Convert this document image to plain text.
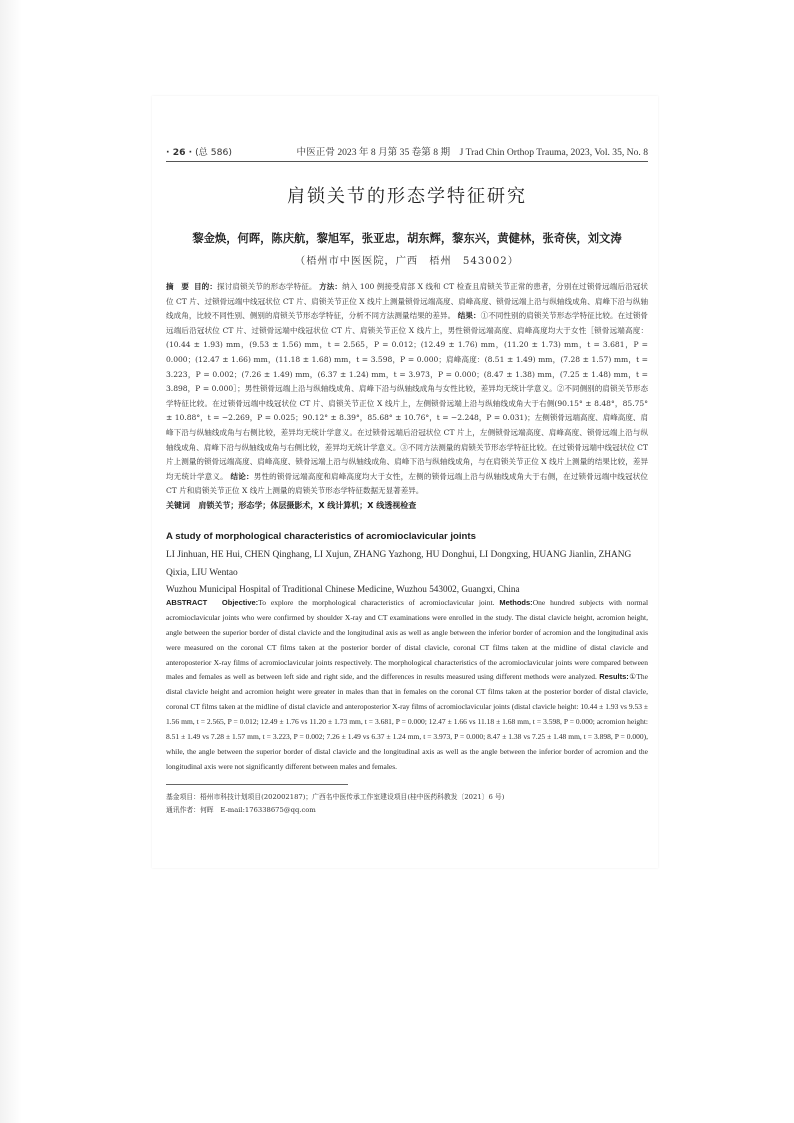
· 26 · (总 586)	中医正骨 2023 年 8 月第 35 卷第 8 期 J Trad Chin Orthop Trauma, 2023, Vol. 35, No. 8
肩锁关节的形态学特征研究
黎金焕，何晖，陈庆航，黎旭军，张亚忠，胡东辉，黎东兴，黄健林，张奇侠，刘文涛
（梧州市中医医院，广西　梧州　543002）
摘　要 目的：探讨肩锁关节的形态学特征。 方法：纳入 100 例接受肩部 X 线和 CT 检查且肩锁关节正常的患者，分别在过锁骨远端后沿冠状位 CT 片、过锁骨远端中线冠状位 CT 片、肩锁关节正位 X 线片上测量锁骨远端高度、肩峰高度、锁骨远端上沿与纵轴线成角、肩峰下沿与纵轴线成角，比较不同性别、侧别的肩锁关节形态学特征，分析不同方法测量结果的差异。 结果：①不同性别的肩锁关节形态学特征比较。在过锁骨远端后沿冠状位 CT 片、过锁骨远端中线冠状位 CT 片、肩锁关节正位 X 线片上，男性锁骨远端高度、肩峰高度均大于女性［锁骨远端高度：(10.44 ± 1.93) mm，(9.53 ± 1.56) mm，t = 2.565，P = 0.012；(12.49 ± 1.76) mm，(11.20 ± 1.73) mm，t = 3.681，P = 0.000；(12.47 ± 1.66) mm，(11.18 ± 1.68) mm，t = 3.598，P = 0.000；肩峰高度：(8.51 ± 1.49) mm，(7.28 ± 1.57) mm，t = 3.223，P = 0.002；(7.26 ± 1.49) mm，(6.37 ± 1.24) mm，t = 3.973，P = 0.000；(8.47 ± 1.38) mm，(7.25 ± 1.48) mm，t = 3.898，P = 0.000］；男性锁骨远端上沿与纵轴线成角、肩峰下沿与纵轴线成角与女性比较，差异均无统计学意义。②不同侧别的肩锁关节形态学特征比较。在过锁骨远端中线冠状位 CT 片、肩锁关节正位 X 线片上，左侧锁骨远端上沿与纵轴线成角大于右侧(90.15° ± 8.48°，85.75° ± 10.88°，t = −2.269，P = 0.025；90.12° ± 8.39°，85.68° ± 10.76°，t = −2.248，P = 0.031)；左侧锁骨远端高度、肩峰高度、肩峰下沿与纵轴线成角与右侧比较，差异均无统计学意义。在过锁骨远端后沿冠状位 CT 片上，左侧锁骨远端高度、肩峰高度、锁骨远端上沿与纵轴线成角、肩峰下沿与纵轴线成角与右侧比较，差异均无统计学意义。③不同方法测量的肩锁关节形态学特征比较。在过锁骨远端中线冠状位 CT 片上测量的锁骨远端高度、肩峰高度、锁骨远端上沿与纵轴线成角、肩峰下沿与纵轴线成角，与在肩锁关节正位 X 线片上测量的结果比较，差异均无统计学意义。 结论：男性的锁骨远端高度和肩峰高度均大于女性，左侧的锁骨远端上沿与纵轴线成角大于右侧，在过锁骨远端中线冠状位 CT 片和肩锁关节正位 X 线片上测量的肩锁关节形态学特征数据无显著差异。
关键词 肩锁关节；形态学；体层摄影术，X 线计算机；X 线透视检查
A study of morphological characteristics of acromioclavicular joints
LI Jinhuan, HE Hui, CHEN Qinghang, LI Xujun, ZHANG Yazhong, HU Donghui, LI Dongxing, HUANG Jianlin, ZHANG Qixia, LIU Wentao
Wuzhou Municipal Hospital of Traditional Chinese Medicine, Wuzhou 543002, Guangxi, China
ABSTRACT Objective:To explore the morphological characteristics of acromioclavicular joint. Methods:One hundred subjects with normal acromioclavicular joints who were confirmed by shoulder X-ray and CT examinations were enrolled in the study. The distal clavicle height, acromion height, angle between the superior border of distal clavicle and the longitudinal axis as well as angle between the inferior border of acromion and the longitudinal axis were measured on the coronal CT films taken at the posterior border of distal clavicle, coronal CT films taken at the midline of distal clavicle and anteroposterior X-ray films of acromioclavicular joints respectively. The morphological characteristics of the acromioclavicular joints were compared between males and females as well as between left side and right side, and the differences in results measured using different methods were analyzed. Results:①The distal clavicle height and acromion height were greater in males than that in females on the coronal CT films taken at the posterior border of distal clavicle, coronal CT films taken at the midline of distal clavicle and anteroposterior X-ray films of acromioclavicular joints (distal clavicle height: 10.44 ± 1.93 vs 9.53 ± 1.56 mm, t = 2.565, P = 0.012; 12.49 ± 1.76 vs 11.20 ± 1.73 mm, t = 3.681, P = 0.000; 12.47 ± 1.66 vs 11.18 ± 1.68 mm, t = 3.598, P = 0.000; acromion height: 8.51 ± 1.49 vs 7.28 ± 1.57 mm, t = 3.223, P = 0.002; 7.26 ± 1.49 vs 6.37 ± 1.24 mm, t = 3.973, P = 0.000; 8.47 ± 1.38 vs 7.25 ± 1.48 mm, t = 3.898, P = 0.000), while, the angle between the superior border of distal clavicle and the longitudinal axis as well as the angle between the inferior border of acromion and the longitudinal axis were not significantly different between males and females.
基金项目：梧州市科技计划项目(202002187)；广西名中医传承工作室建设项目(桂中医药科教发〔2021〕6 号)
通讯作者：何晖　E-mail:176338675@qq.com
